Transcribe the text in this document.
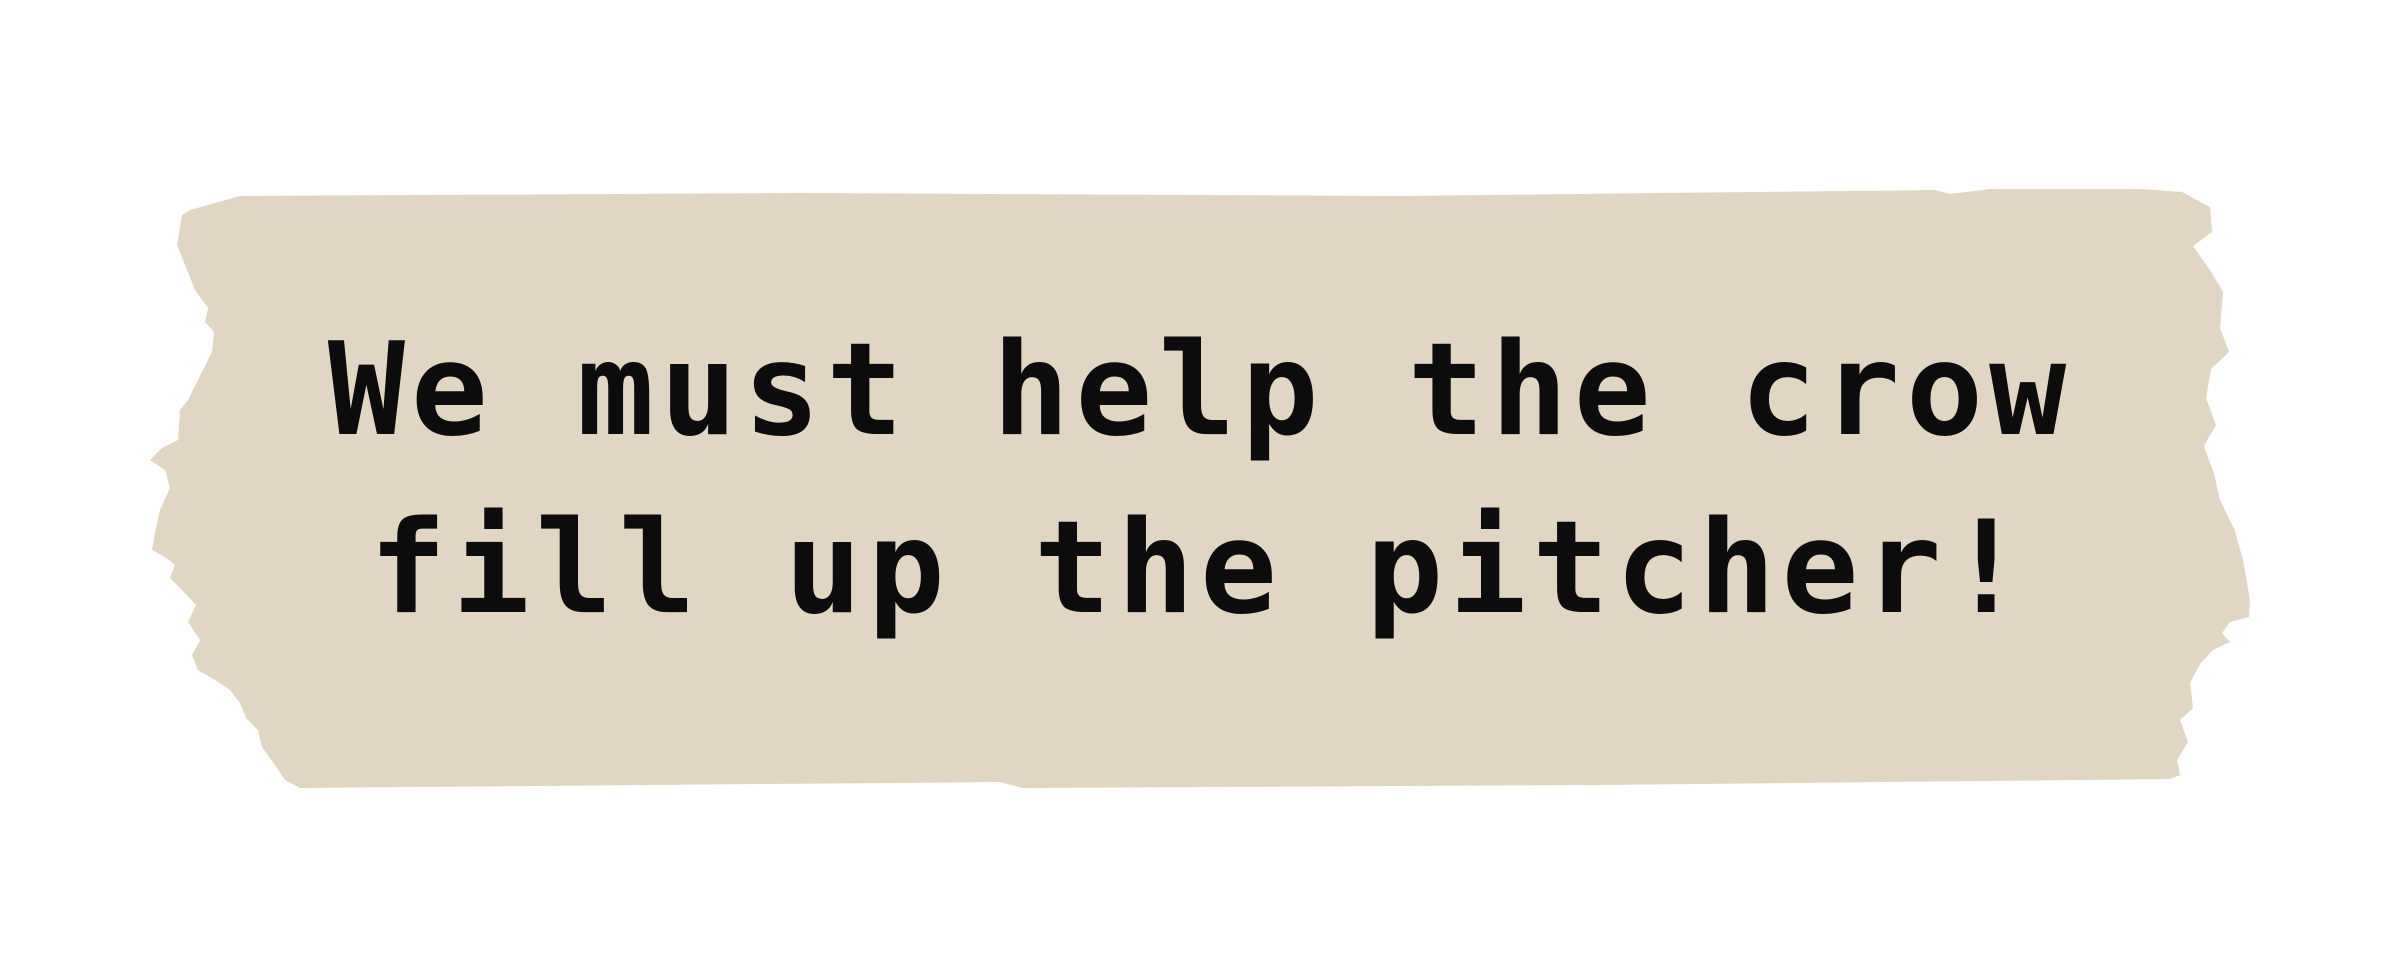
We must help the crow
fill up the pitcher!
